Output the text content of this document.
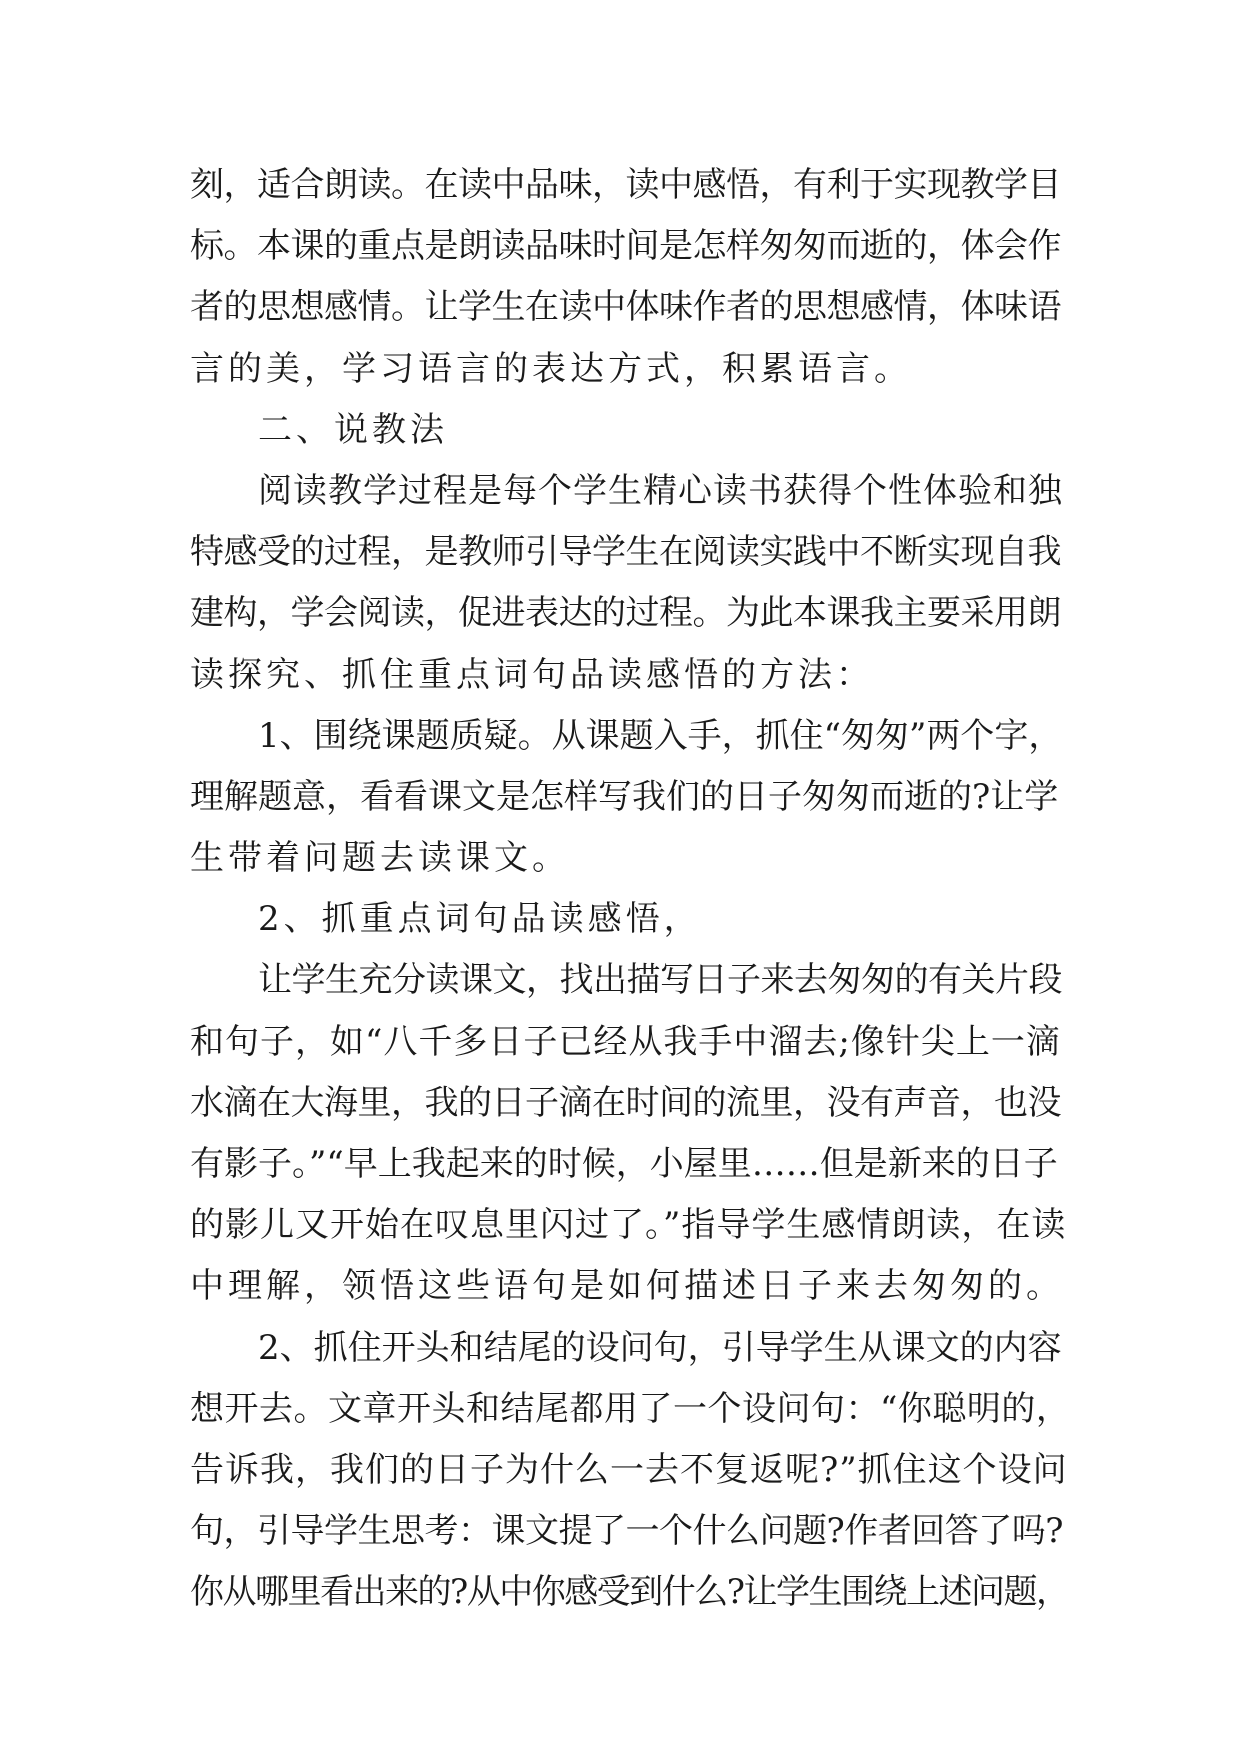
刻，适合朗读。在读中品味，读中感悟，有利于实现教学目
标。本课的重点是朗读品味时间是怎样匆匆而逝的，体会作
者的思想感情。让学生在读中体味作者的思想感情，体味语
言的美，学习语言的表达方式，积累语言。
二、说教法
阅读教学过程是每个学生精心读书获得个性体验和独
特感受的过程，是教师引导学生在阅读实践中不断实现自我
建构，学会阅读，促进表达的过程。为此本课我主要采用朗
读探究、抓住重点词句品读感悟的方法：
1、围绕课题质疑。从课题入手，抓住“匆匆”两个字，
理解题意，看看课文是怎样写我们的日子匆匆而逝的?让学
生带着问题去读课文。
2、抓重点词句品读感悟，
让学生充分读课文，找出描写日子来去匆匆的有关片段
和句子，如“八千多日子已经从我手中溜去;像针尖上一滴
水滴在大海里，我的日子滴在时间的流里，没有声音，也没
有影子。”“早上我起来的时候，小屋里……但是新来的日子
的影儿又开始在叹息里闪过了。”指导学生感情朗读，在读
中理解，领悟这些语句是如何描述日子来去匆匆的。
2、抓住开头和结尾的设问句，引导学生从课文的内容
想开去。文章开头和结尾都用了一个设问句：“你聪明的，
告诉我，我们的日子为什么一去不复返呢?”抓住这个设问
句，引导学生思考：课文提了一个什么问题?作者回答了吗?
你从哪里看出来的?从中你感受到什么?让学生围绕上述问题，
